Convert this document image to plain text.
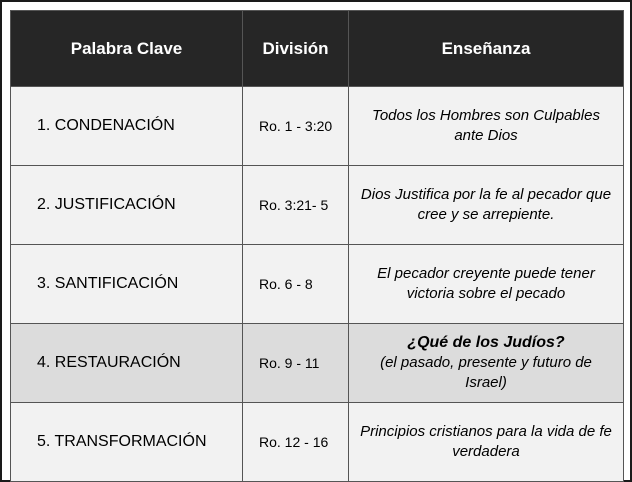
Palabra Clave	División	Enseñanza
1. CONDENACIÓN	Ro. 1 - 3:20	Todos los Hombres son Culpables ante Dios

2. JUSTIFICACIÓN	Ro. 3:21- 5	Dios Justifica por la fe al pecador que cree y se arrepiente.

3. SANTIFICACIÓN	Ro. 6 - 8	El pecador creyente puede tener victoria sobre el pecado

4. RESTAURACIÓN	Ro. 9 - 11	¿Qué de los Judíos?
(el pasado, presente y futuro de Israel)

5. TRANSFORMACIÓN	Ro. 12 - 16	Principios cristianos para la vida de fe verdadera
